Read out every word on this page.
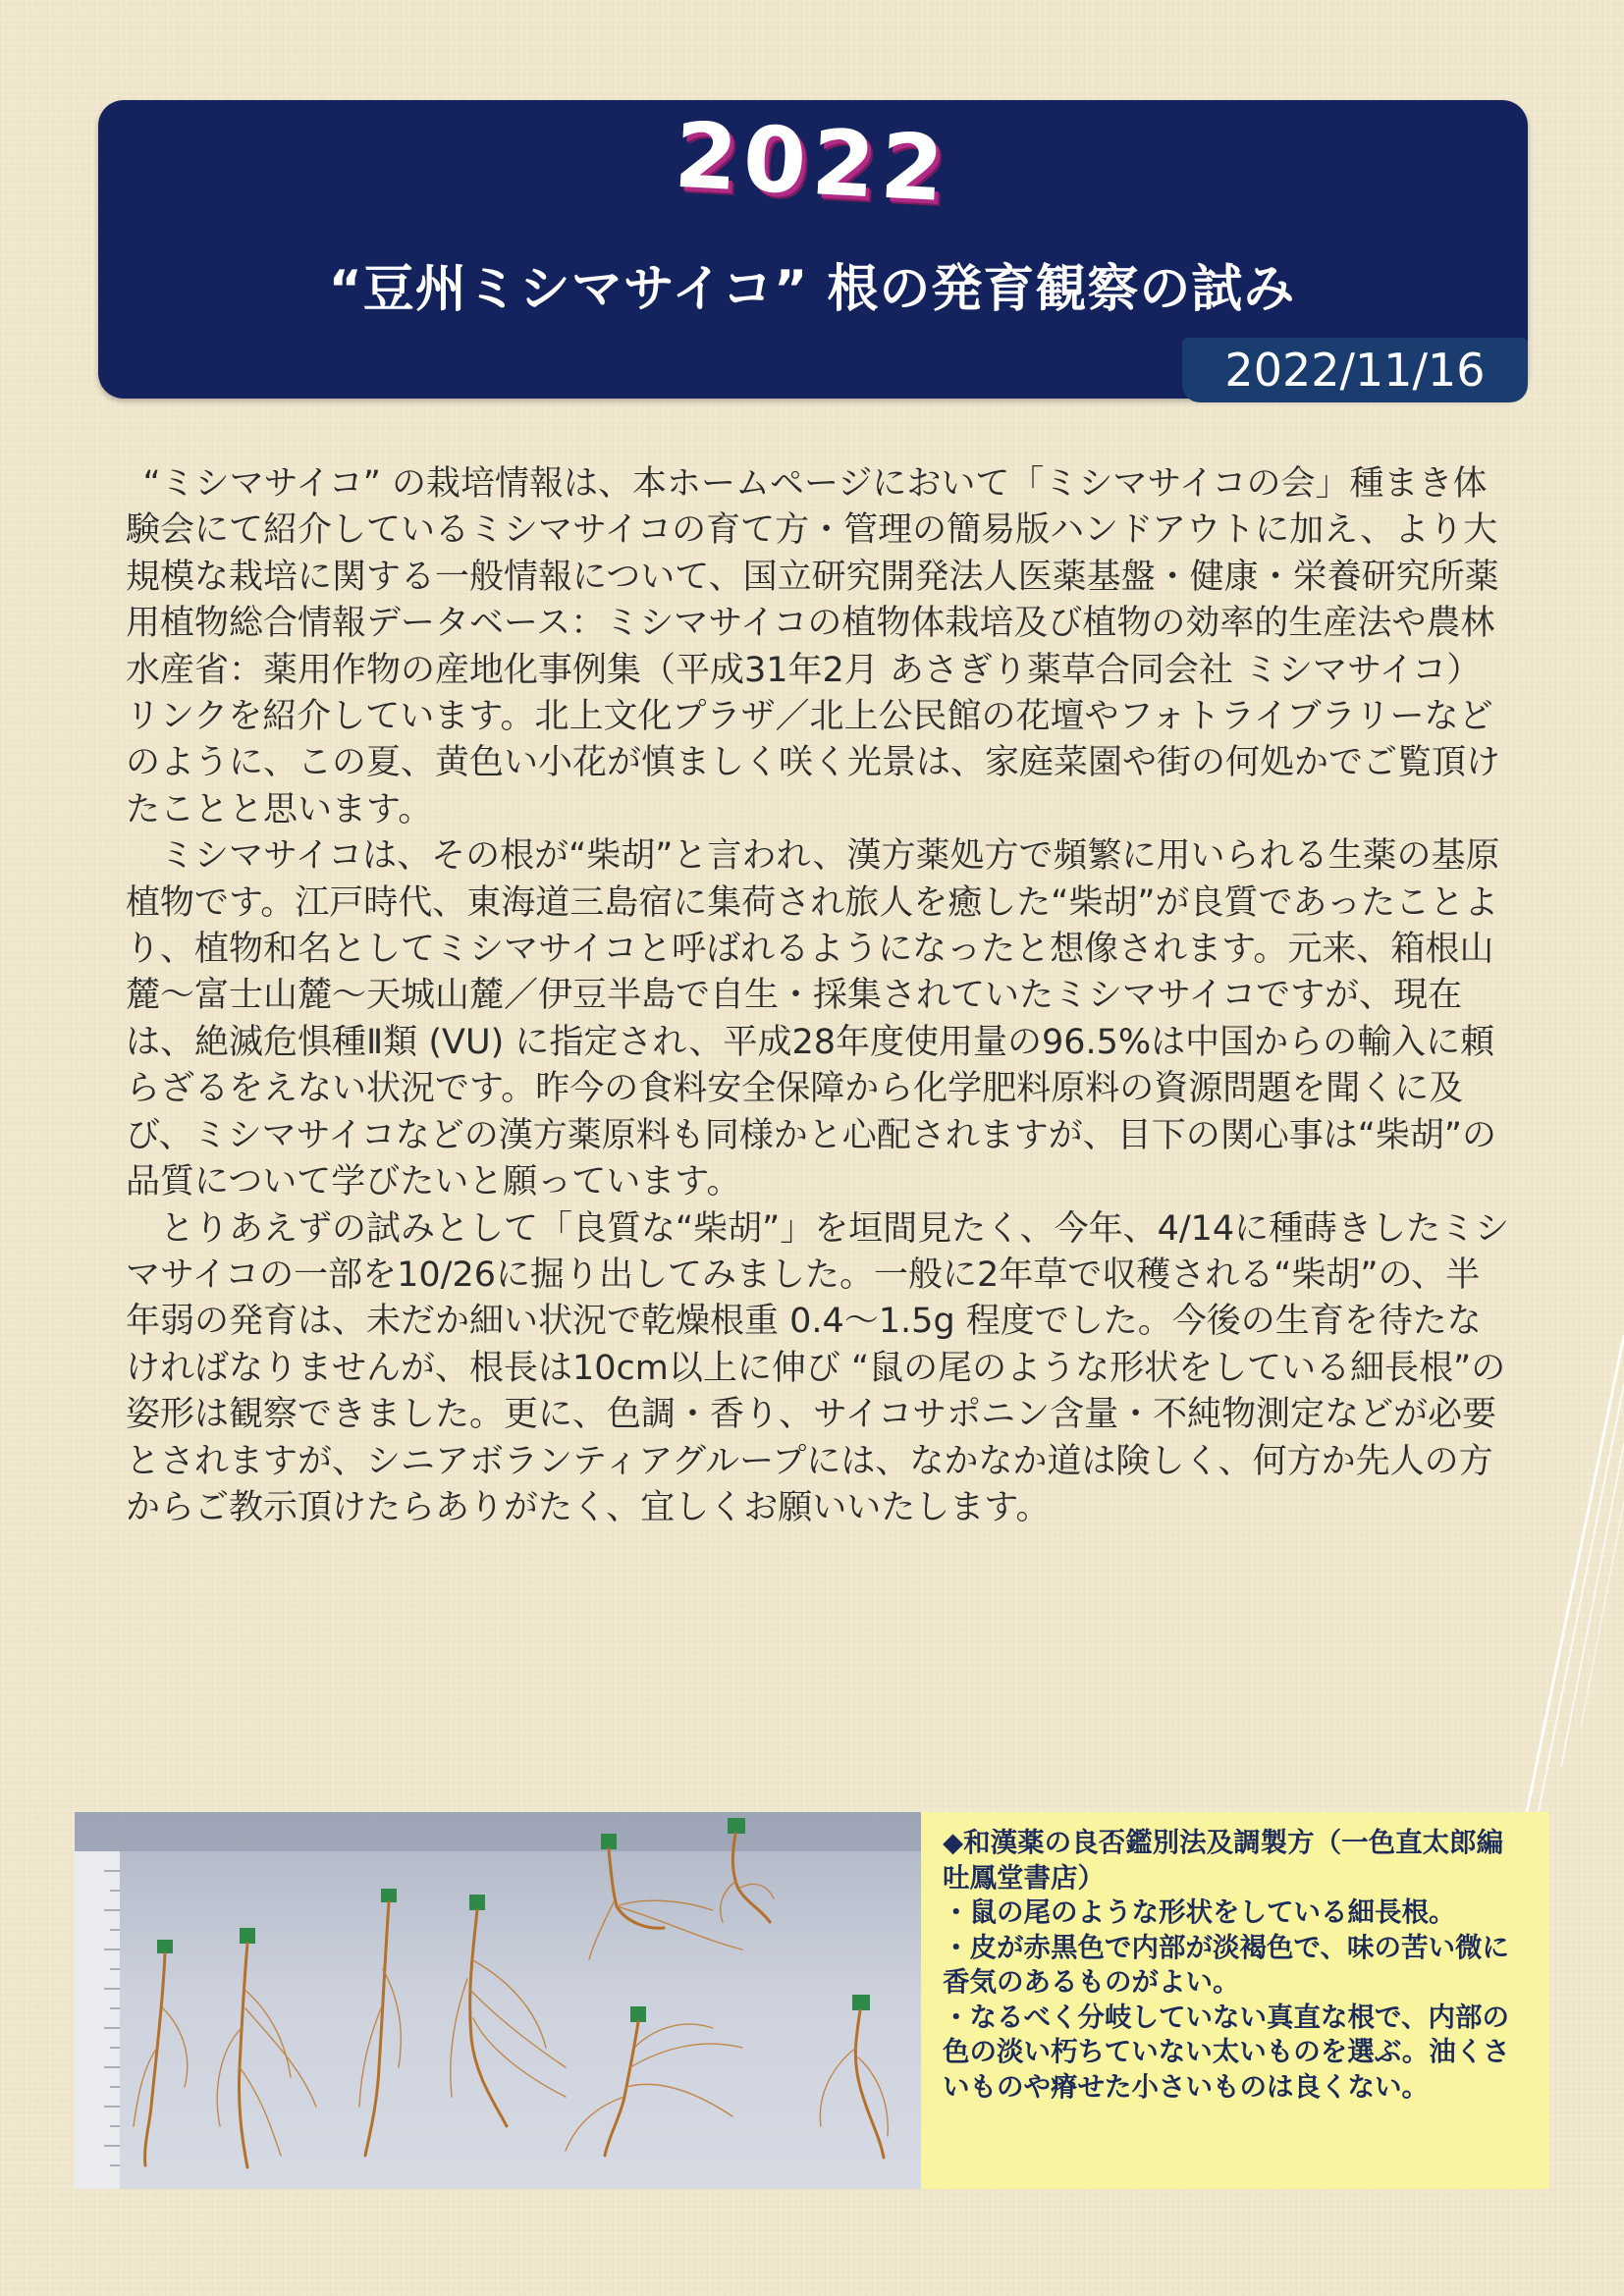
2022
“豆州ミシマサイコ” 根の発育観察の試み
2022/11/16

“ミシマサイコ” の栽培情報は、本ホームページにおいて「ミシマサイコの会」種まき体験会にて紹介しているミシマサイコの育て方・管理の簡易版ハンドアウトに加え、より大規模な栽培に関する一般情報について、国立研究開発法人医薬基盤・健康・栄養研究所薬用植物総合情報データベース：ミシマサイコの植物体栽培及び植物の効率的生産法や農林水産省：薬用作物の産地化事例集（平成31年2月 あさぎり薬草合同会社 ミシマサイコ）リンクを紹介しています。北上文化プラザ／北上公民館の花壇やフォトライブラリーなどのように、この夏、黄色い小花が慎ましく咲く光景は、家庭菜園や街の何処かでご覧頂けたことと思います。

ミシマサイコは、その根が“柴胡”と言われ、漢方薬処方で頻繁に用いられる生薬の基原植物です。江戸時代、東海道三島宿に集荷され旅人を癒した“柴胡”が良質であったことより、植物和名としてミシマサイコと呼ばれるようになったと想像されます。元来、箱根山麓～富士山麓～天城山麓／伊豆半島で自生・採集されていたミシマサイコですが、現在は、絶滅危惧種Ⅱ類 (VU) に指定され、平成28年度使用量の96.5%は中国からの輸入に頼らざるをえない状況です。昨今の食料安全保障から化学肥料原料の資源問題を聞くに及び、ミシマサイコなどの漢方薬原料も同様かと心配されますが、目下の関心事は“柴胡”の品質について学びたいと願っています。

とりあえずの試みとして「良質な“柴胡”」を垣間見たく、今年、4/14に種蒔きしたミシマサイコの一部を10/26に掘り出してみました。一般に2年草で収穫される“柴胡”の、半年弱の発育は、未だか細い状況で乾燥根重 0.4～1.5g 程度でした。今後の生育を待たなければなりませんが、根長は10cm以上に伸び “鼠の尾のような形状をしている細長根”の姿形は観察できました。更に、色調・香り、サイコサポニン含量・不純物測定などが必要とされますが、シニアボランティアグループには、なかなか道は険しく、何方か先人の方からご教示頂けたらありがたく、宜しくお願いいたします。

◆和漢薬の良否鑑別法及調製方（一色直太郎編 吐鳳堂書店）
・鼠の尾のような形状をしている細長根。
・皮が赤黒色で内部が淡褐色で、味の苦い微に香気のあるものがよい。
・なるべく分岐していない真直な根で、内部の色の淡い朽ちていない太いものを選ぶ。油くさいものや瘠せた小さいものは良くない。
